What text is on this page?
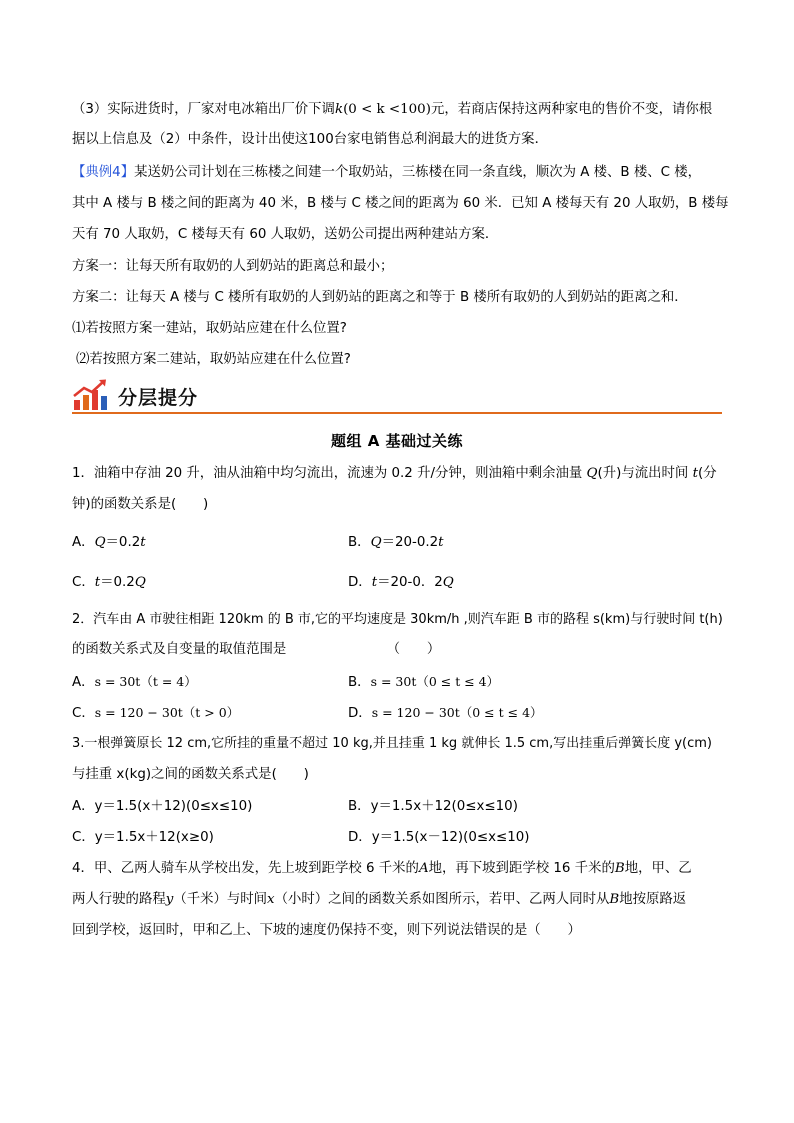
（3）实际进货时，厂家对电冰箱出厂价下调k(0 < k <100)元，若商店保持这两种家电的售价不变，请你根
据以上信息及（2）中条件，设计出使这100台家电销售总利润最大的进货方案．
【典例4】某送奶公司计划在三栋楼之间建一个取奶站，三栋楼在同一条直线，顺次为 A 楼、B 楼、C 楼，
其中 A 楼与 B 楼之间的距离为 40 米，B 楼与 C 楼之间的距离为 60 米．已知 A 楼每天有 20 人取奶，B 楼每
天有 70 人取奶，C 楼每天有 60 人取奶，送奶公司提出两种建站方案．
方案一：让每天所有取奶的人到奶站的距离总和最小；
方案二：让每天 A 楼与 C 楼所有取奶的人到奶站的距离之和等于 B 楼所有取奶的人到奶站的距离之和．
⑴若按照方案一建站，取奶站应建在什么位置?
⑵若按照方案二建站，取奶站应建在什么位置?
分层提分
题组 A 基础过关练
1．油箱中存油 20 升，油从油箱中均匀流出，流速为 0.2 升/分钟，则油箱中剩余油量 Q(升)与流出时间 t(分
钟)的函数关系是(　　)
A．Q＝0.2t	B．Q＝20-0.2t
C．t＝0.2Q	D．t＝20-0．2Q
2．汽车由 A 市驶往相距 120km 的 B 市,它的平均速度是 30km/h ,则汽车距 B 市的路程 s(km)与行驶时间 t(h)
的函数关系式及自变量的取值范围是　　　　　　　　（　　）
A．s = 30t（t = 4）	B．s = 30t（0 ≤ t ≤ 4）
C．s = 120 − 30t（t > 0）	D．s = 120 − 30t（0 ≤ t ≤ 4）
3.一根弹簧原长 12 cm,它所挂的重量不超过 10 kg,并且挂重 1 kg 就伸长 1.5 cm,写出挂重后弹簧长度 y(cm)
与挂重 x(kg)之间的函数关系式是(　　)
A．y＝1.5(x＋12)(0≤x≤10)	B．y＝1.5x＋12(0≤x≤10)
C．y＝1.5x＋12(x≥0)	D．y＝1.5(x－12)(0≤x≤10)
4．甲、乙两人骑车从学校出发，先上坡到距学校 6 千米的A地，再下坡到距学校 16 千米的B地，甲、乙
两人行驶的路程y（千米）与时间x（小时）之间的函数关系如图所示，若甲、乙两人同时从B地按原路返
回到学校，返回时，甲和乙上、下坡的速度仍保持不变，则下列说法错误的是（　　）
